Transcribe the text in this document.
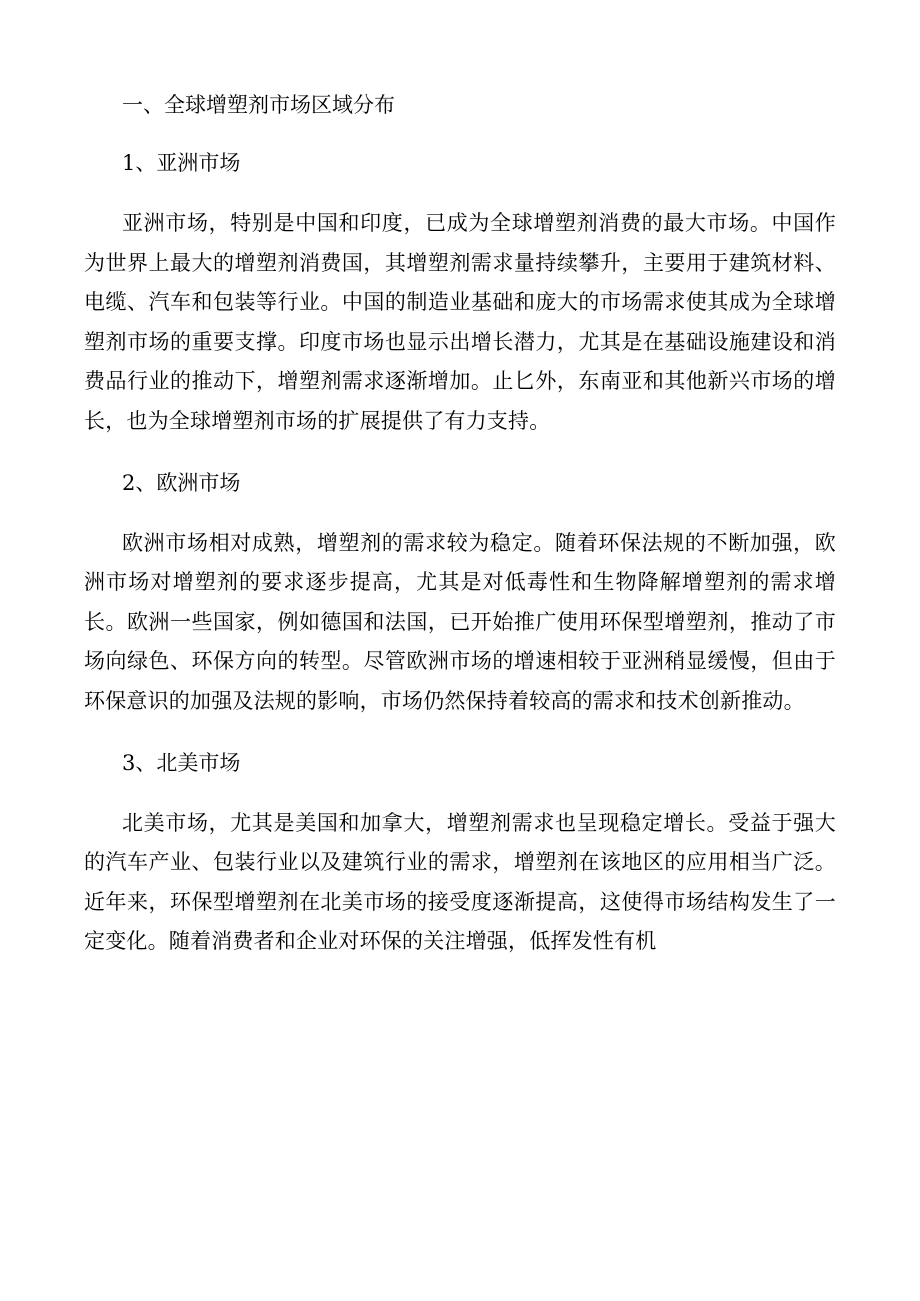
一、全球增塑剂市场区域分布
1、亚洲市场

亚洲市场，特别是中国和印度，已成为全球增塑剂消费的最大市场。中国作为世界上最大的增塑剂消费国，其增塑剂需求量持续攀升，主要用于建筑材料、电缆、汽车和包装等行业。中国的制造业基础和庞大的市场需求使其成为全球增塑剂市场的重要支撑。印度市场也显示出增长潜力，尤其是在基础设施建设和消费品行业的推动下，增塑剂需求逐渐增加。止匕外，东南亚和其他新兴市场的增长，也为全球增塑剂市场的扩展提供了有力支持。

2、欧洲市场

欧洲市场相对成熟，增塑剂的需求较为稳定。随着环保法规的不断加强，欧洲市场对增塑剂的要求逐步提高，尤其是对低毒性和生物降解增塑剂的需求增长。欧洲一些国家，例如德国和法国，已开始推广使用环保型增塑剂，推动了市场向绿色、环保方向的转型。尽管欧洲市场的增速相较于亚洲稍显缓慢，但由于环保意识的加强及法规的影响，市场仍然保持着较高的需求和技术创新推动。

3、北美市场

北美市场，尤其是美国和加拿大，增塑剂需求也呈现稳定增长。受益于强大的汽车产业、包装行业以及建筑行业的需求，增塑剂在该地区的应用相当广泛。近年来，环保型增塑剂在北美市场的接受度逐渐提高，这使得市场结构发生了一定变化。随着消费者和企业对环保的关注增强，低挥发性有机
